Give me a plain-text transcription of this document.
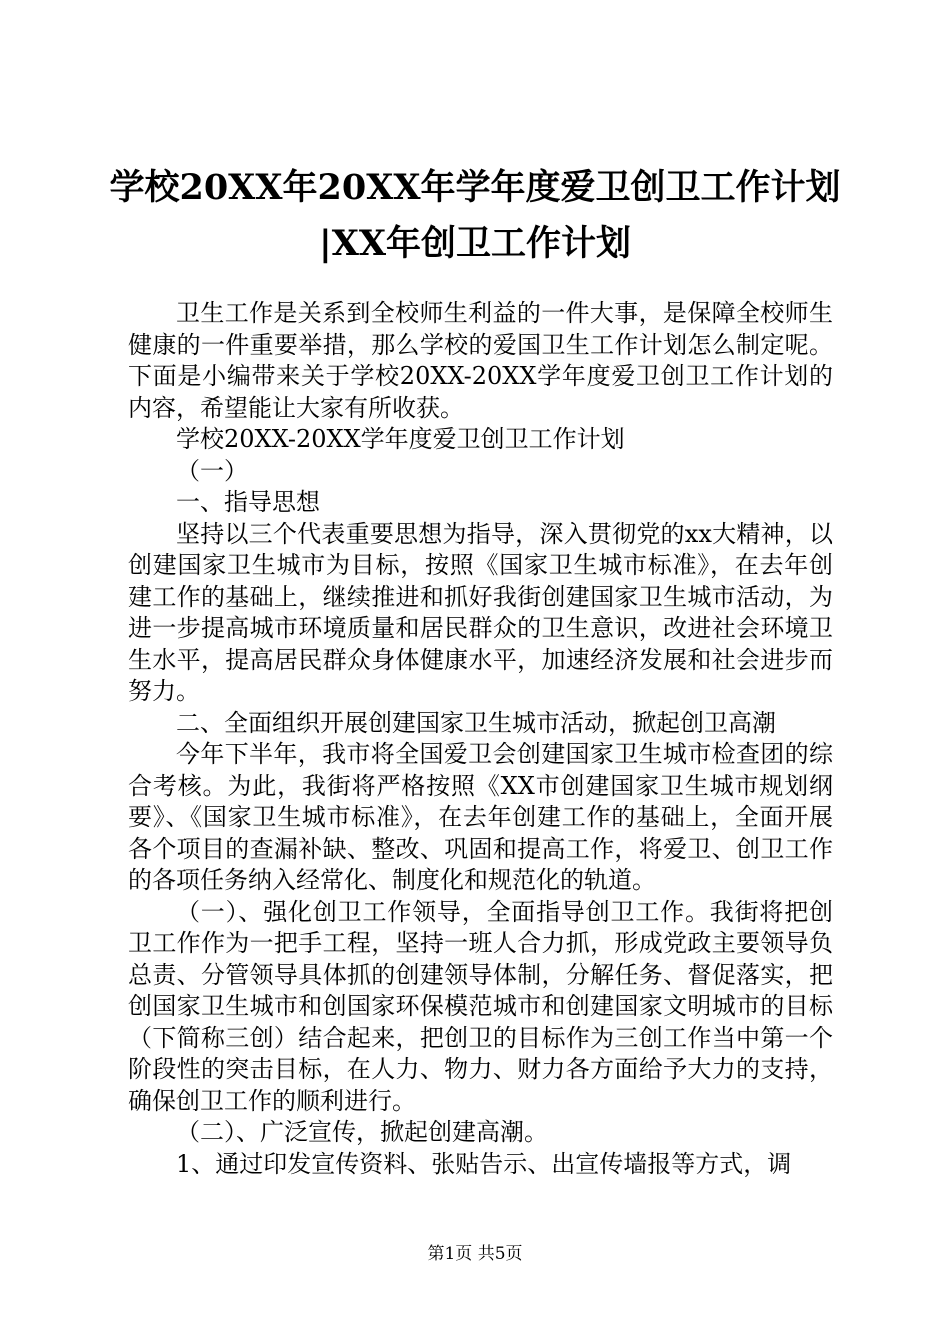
学校20XX年20XX年学年度爱卫创卫工作计划
|XX年创卫工作计划

卫生工作是关系到全校师生利益的一件大事，是保障全校师生健康的一件重要举措，那么学校的爱国卫生工作计划怎么制定呢。下面是小编带来关于学校20XX-20XX学年度爱卫创卫工作计划的内容，希望能让大家有所收获。

学校20XX-20XX学年度爱卫创卫工作计划

（一）

一、指导思想

坚持以三个代表重要思想为指导，深入贯彻党的xx大精神，以创建国家卫生城市为目标，按照《国家卫生城市标准》，在去年创建工作的基础上，继续推进和抓好我街创建国家卫生城市活动，为进一步提高城市环境质量和居民群众的卫生意识，改进社会环境卫生水平，提高居民群众身体健康水平，加速经济发展和社会进步而努力。

二、全面组织开展创建国家卫生城市活动，掀起创卫高潮

今年下半年，我市将全国爱卫会创建国家卫生城市检查团的综合考核。为此，我街将严格按照《XX市创建国家卫生城市规划纲要》、《国家卫生城市标准》，在去年创建工作的基础上，全面开展各个项目的查漏补缺、整改、巩固和提高工作，将爱卫、创卫工作的各项任务纳入经常化、制度化和规范化的轨道。

（一）、强化创卫工作领导，全面指导创卫工作。我街将把创卫工作作为一把手工程，坚持一班人合力抓，形成党政主要领导负总责、分管领导具体抓的创建领导体制，分解任务、督促落实，把创国家卫生城市和创国家环保模范城市和创建国家文明城市的目标（下简称三创）结合起来，把创卫的目标作为三创工作当中第一个阶段性的突击目标，在人力、物力、财力各方面给予大力的支持，确保创卫工作的顺利进行。

（二）、广泛宣传，掀起创建高潮。

1、通过印发宣传资料、张贴告示、出宣传墙报等方式，调

第1页 共5页
